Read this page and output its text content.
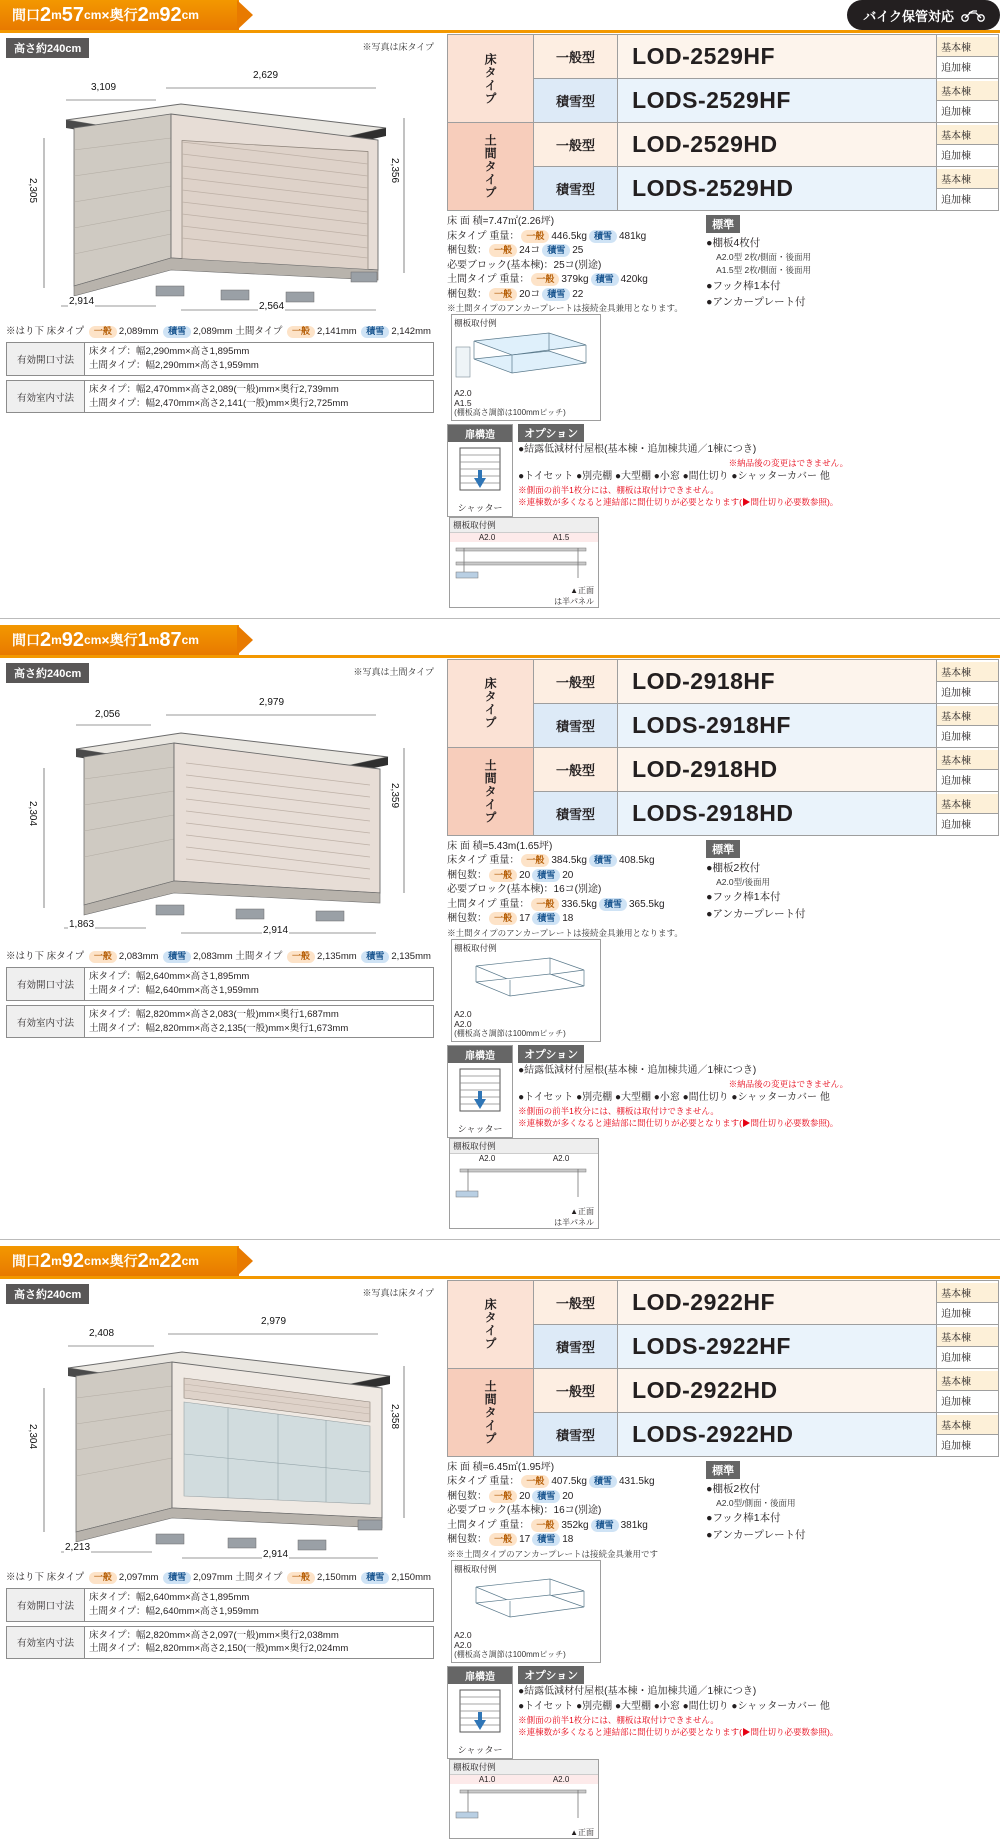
間口 2 m 57 cm ×奥行 2 m 92 cm	バイク保管対応
高さ約240cm	※写真は床タイプ
3,109
2,629
2,305
2,356
2,914	2,564
※はり下 床タイプ 一般 2,089mm 積雪 2,089mm 土間タイプ 一般 2,141mm 積雪 2,142mm
有効開口寸法	
床タイプ：幅2,290mm×高さ1,895mm
土間タイプ：幅2,290mm×高さ1,959mm
有効室内寸法	
床タイプ：幅2,470mm×高さ2,089(一般)mm×奥行2,739mm
土間タイプ：幅2,470mm×高さ2,141(一般)mm×奥行2,725mm

床タイプ	一般型	LOD-2529HF	基本棟
追加棟

	積雪型	LODS-2529HF	基本棟
追加棟

土間タイプ	一般型	LOD-2529HD	基本棟
追加棟

	積雪型	LODS-2529HD	基本棟
追加棟
床 面 積=7.47㎡(2.26坪)
床タイプ 重量： 一般 446.5kg 積雪 481kg
梱包数： 一般 24コ 積雪 25
必要ブロック(基本棟)：25コ(別途)
土間タイプ 重量： 一般 379kg 積雪 420kg
梱包数： 一般 20コ 積雪 22
※土間タイプのアンカープレートは接続金具兼用となります。
標準
●棚板4枚付
A2.0型 2枚/側面・後面用
A1.5型 2枚/側面・後面用
●フック棒1本付
●アンカープレート付

棚板取付例
A2.0
A1.5
(棚板高さ調節は100mmピッチ)
扉構造
シャッター
オプション
●結露低減材付屋根(基本棟・追加棟共通／1棟につき)
※納品後の変更はできません。
●トイセット ●別売棚 ●大型棚 ●小窓 ●間仕切り ●シャッターカバー 他
※側面の前半1枚分には、棚板は取付けできません。
※連棟数が多くなると連結部に間仕切りが必要となります(▶間仕切り必要数参照)。

棚板取付例
A2.0	A1.5
▲正面
は半パネル
間口 2 m 92 cm ×奥行 1 m 87 cm
高さ約240cm	※写真は土間タイプ
2,056
2,979
2,304
2,359
1,863
2,914
※はり下 床タイプ 一般 2,083mm 積雪 2,083mm 土間タイプ 一般 2,135mm 積雪 2,135mm
有効開口寸法	
床タイプ：幅2,640mm×高さ1,895mm
土間タイプ：幅2,640mm×高さ1,959mm
有効室内寸法	
床タイプ：幅2,820mm×高さ2,083(一般)mm×奥行1,687mm
土間タイプ：幅2,820mm×高さ2,135(一般)mm×奥行1,673mm

床タイプ	一般型	LOD-2918HF	基本棟
追加棟

	積雪型	LODS-2918HF	基本棟
追加棟

土間タイプ	一般型	LOD-2918HD	基本棟
追加棟

	積雪型	LODS-2918HD	基本棟
追加棟
床 面 積=5.43m(1.65坪)
床タイプ 重量： 一般 384.5kg 積雪 408.5kg
梱包数： 一般 20 積雪 20
必要ブロック(基本棟)：16コ(別途)
土間タイプ 重量： 一般 336.5kg 積雪 365.5kg
梱包数： 一般 17 積雪 18
※土間タイプのアンカープレートは接続金具兼用となります。
標準
●棚板2枚付
A2.0型/後面用
●フック棒1本付
●アンカープレート付

棚板取付例
A2.0
A2.0
(棚板高さ調節は100mmピッチ)
扉構造
シャッター
オプション
●結露低減材付屋根(基本棟・追加棟共通／1棟につき)
※納品後の変更はできません。
●トイセット ●別売棚 ●大型棚 ●小窓 ●間仕切り ●シャッターカバー 他
※側面の前半1枚分には、棚板は取付けできません。
※連棟数が多くなると連結部に間仕切りが必要となります(▶間仕切り必要数参照)。

棚板取付例
A2.0	A2.0
▲正面
は半パネル
間口 2 m 92 cm ×奥行 2 m 22 cm
高さ約240cm	※写真は床タイプ
2,408
2,979
2,304
2,358
2,213
2,914
※はり下 床タイプ 一般 2,097mm 積雪 2,097mm 土間タイプ 一般 2,150mm 積雪 2,150mm
有効開口寸法	
床タイプ：幅2,640mm×高さ1,895mm
土間タイプ：幅2,640mm×高さ1,959mm
有効室内寸法	
床タイプ：幅2,820mm×高さ2,097(一般)mm×奥行2,038mm
土間タイプ：幅2,820mm×高さ2,150(一般)mm×奥行2,024mm

床タイプ	一般型	LOD-2922HF	基本棟
追加棟

	積雪型	LODS-2922HF	基本棟
追加棟

土間タイプ	一般型	LOD-2922HD	基本棟
追加棟

	積雪型	LODS-2922HD	基本棟
追加棟
床 面 積=6.45㎡(1.95坪)
床タイプ 重量： 一般 407.5kg 積雪 431.5kg
梱包数： 一般 20 積雪 20
必要ブロック(基本棟)：16コ(別途)
土間タイプ 重量： 一般 352kg 積雪 381kg
梱包数： 一般 17 積雪 18
※※土間タイプのアンカープレートは接続金具兼用です
標準
●棚板2枚付
A2.0型/側面・後面用
●フック棒1本付
●アンカープレート付

棚板取付例
A2.0
A2.0
(棚板高さ調節は100mmピッチ)
扉構造
シャッター
オプション
●結露低減材付屋根(基本棟・追加棟共通／1棟につき)
●トイセット ●別売棚 ●大型棚 ●小窓 ●間仕切り ●シャッターカバー 他
※側面の前半1枚分には、棚板は取付けできません。
※連棟数が多くなると連結部に間仕切りが必要となります(▶間仕切り必要数参照)。

棚板取付例
A1.0	A2.0
▲正面
